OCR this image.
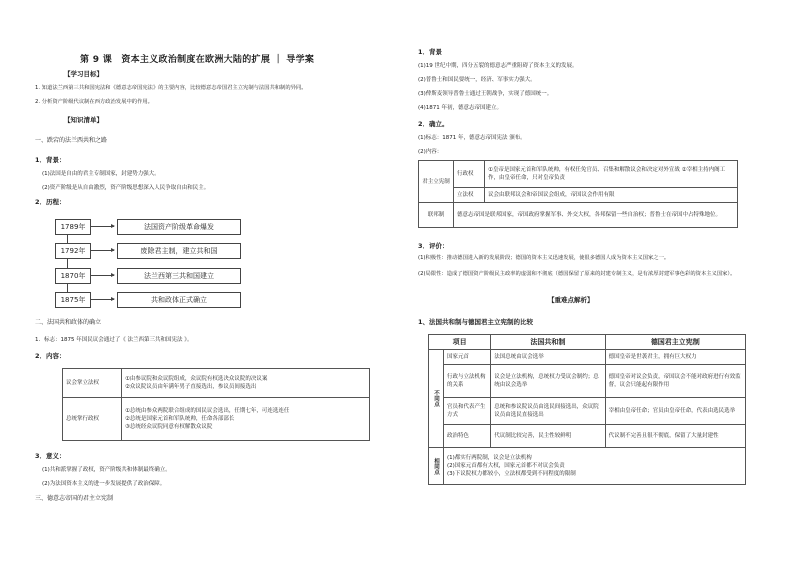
第 9 课　资本主义政治制度在欧洲大陆的扩展 ｜ 导学案
【学习目标】
1. 知道法兰西第三共和国宪法和《德意志帝国宪法》的主要内容，比较德意志帝国君主立宪制与法国共和制的异同。
2. 分析资产阶级代议制在西方政治发展中的作用。
【知识清单】
一、跌宕的法兰西共和之路
1．背景：
(1)法国是自由的君主专制国家，封建势力强大。
(2)资产阶级是从自由激烈，资产阶级思想深入人民争取自由和民主。
2．历程：
1789年	法国资产阶级革命爆发
1792年	废除君主制，建立共和国
1870年	法兰西第三共和国建立
1875年	共和政体正式确立
二、法国共和政体的确立
1．标志：1875 年国民议会通过了《 法兰西第三共和国宪法 》。
2．内容：
议会掌立法权	①由参议院和众议院组成，众议院有权选决众议院的决议案
②众议院议员由年满年男子直接选出，参议员间接选出

总统掌行政权	①总统由参众两院联合组成的国民议会选出，任期七年，可连选连任
②总统是国家元首和军队统帅，任命各部部长
③总统经众议院同意有权解散众议院
3．意义：
(1)共和派掌握了政权，资产阶级共和体制最终确立。
(2)为法国资本主义的进一步发展提供了政治保障。
三、德意志帝国的君主立宪制
1．背景
(1)19 世纪中期，四分五裂的德意志严重阻碍了资本主义的发展。
(2)普鲁士和国民要统一，经济、军事实力强大。
(3)俾斯麦领导普鲁士通过王朝战争，实现了德国统一。
(4)1871 年初，德意志帝国建立。
2．确立。
(1)标志：1871 年，德意志帝国宪法 颁布。
(2)内容：
君主立宪制	行政权	①皇帝是国家元首和军队统帅，有权任免官员、召集和解散议会和决定对外宣战 ②宰相主持内阁工作，由皇帝任命，只对皇帝负责
	立法权	议会由联邦议会和帝国议会组成，帝国议会作用有限
联邦制	德意志帝国是联邦国家，帝国政府掌握军事、外交大权，各邦保留一些自治权；普鲁士在帝国中占特殊地位。	
3．评价：
(1)积极性：推动德国进入新的发展阶段；德国的资本主义迅速发展，使很多德国人成为资本主义国家之一。
(2)局限性：造成了德国资产阶级民主政率的虚弱和不彻底（德国保留了原来的封建专制主义，是有浓厚封建军事色彩的资本主义国家）。
【重难点解析】
1、法国共和制与德国君主立宪制的比较
项目		法国共和制	德国君主立宪制
不同点	国家元首	法国总统由议会选举	德国皇帝是世袭君主，拥有巨大权力
	行政与立法机构的关系	议会是立法机构，总统权力受议会制约；总统由议会选举	德国皇帝对议会负责，帝国议会不能对政府进行有效监督，议会只能起有限作用
	官员和代表产生方式	总统和参议院议员由选民间接选出，众议院议员由选民直接选出	宰相由皇帝任命；官员由皇帝任命，代表由选民选举
	政治特色	代议制比较完善，民主性较鲜明	代议制不完善且很不彻底，保留了大量封建性
相同点	(1)都实行两院制，议会是立法机构
(2)国家元首都有大权，国家元首都不对议会负责
(3)下议院权力都较小，立法权都受到不同程度的限制		
